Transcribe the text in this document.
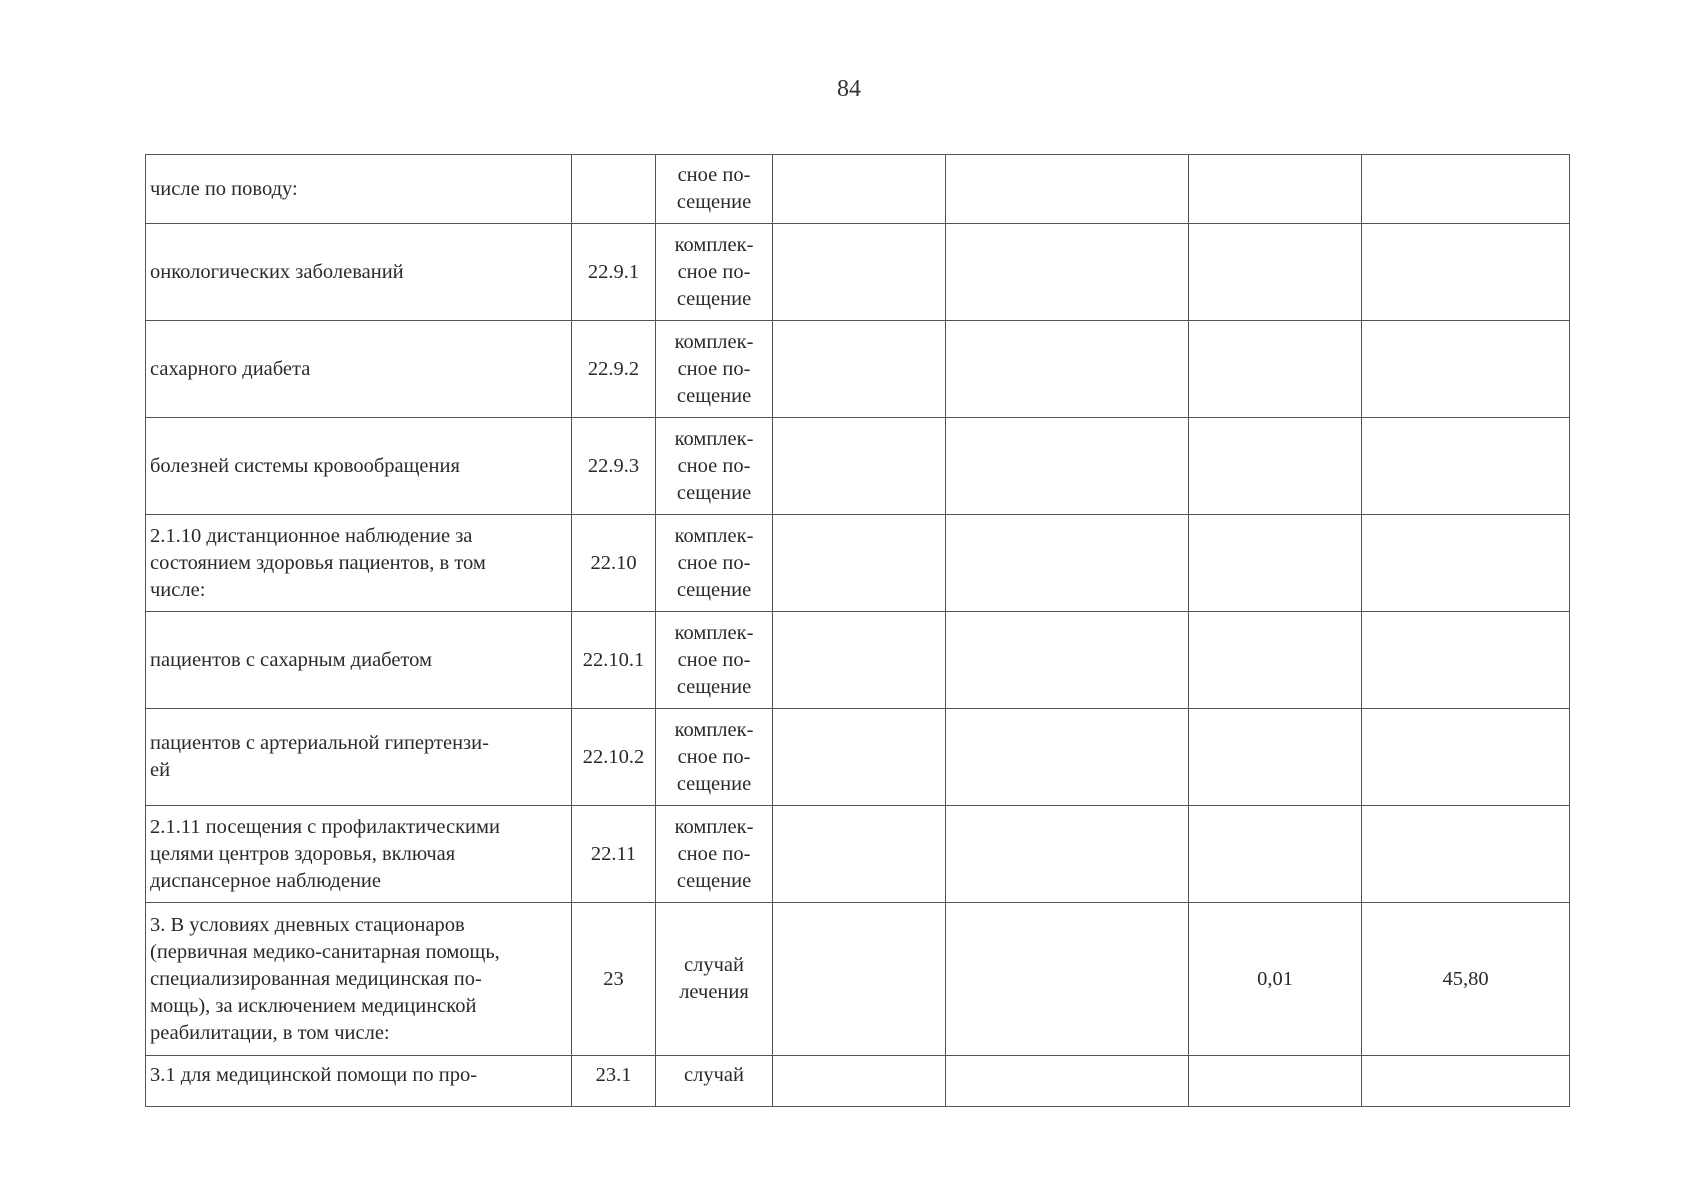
84
числе по поводу:		сное по-
сещение				

онкологических заболеваний	22.9.1	комплек-
сное по-
сещение				

сахарного диабета	22.9.2	комплек-
сное по-
сещение				

болезней системы кровообращения	22.9.3	комплек-
сное по-
сещение				

2.1.10 дистанционное наблюдение за
состоянием здоровья пациентов, в том
числе:	22.10	комплек-
сное по-
сещение				

пациентов с сахарным диабетом	22.10.1	комплек-
сное по-
сещение				

пациентов с артериальной гипертензи-
ей	22.10.2	комплек-
сное по-
сещение				

2.1.11 посещения с профилактическими
целями центров здоровья, включая
диспансерное наблюдение	22.11	комплек-
сное по-
сещение				

3. В условиях дневных стационаров
(первичная медико-санитарная помощь,
специализированная медицинская по-
мощь), за исключением медицинской
реабилитации, в том числе:	23	случай
лечения			0,01	45,80

3.1 для медицинской помощи по про-	23.1	случай				
